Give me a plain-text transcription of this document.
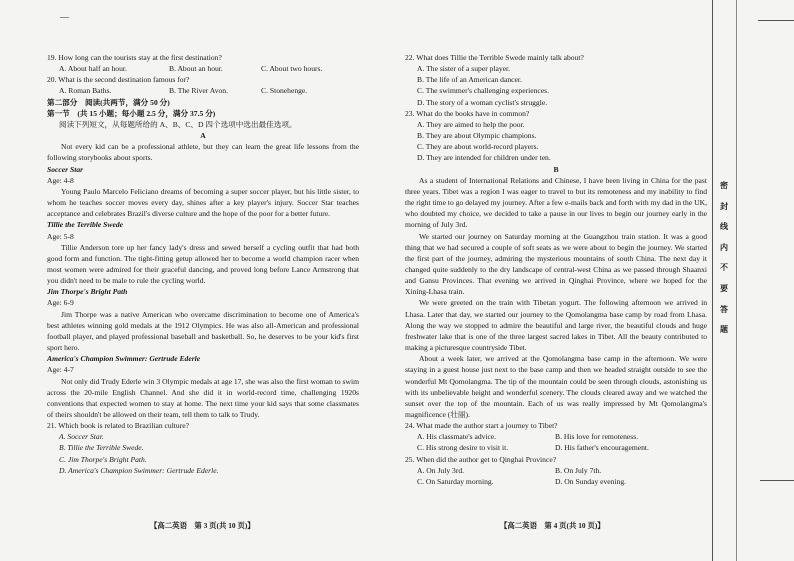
—
19. How long can the tourists stay at the first destination?
A. About half an hour.	B. About an hour.	C. About two hours.
20. What is the second destination famous for?
A. Roman Baths.	B. The River Avon.	C. Stonehenge.
第二部分　阅读(共两节，满分 50 分)
第一节　(共 15 小题；每小题 2.5 分，满分 37.5 分)
阅读下列短文，从每题所给的 A、B、C、D 四个选项中选出最佳选项。
A
Not every kid can be a professional athlete, but they can learn the great life lessons from the following storybooks about sports.
Soccer Star
Age: 4-8
Young Paulo Marcelo Feliciano dreams of becoming a super soccer player, but his little sister, to whom he teaches soccer moves every day, shines after a key player's injury. Soccer Star teaches acceptance and celebrates Brazil's diverse culture and the hope of the poor for a better future.
Tillie the Terrible Swede
Age: 5-8
Tillie Anderson tore up her fancy lady's dress and sewed herself a cycling outfit that had both good form and function. The tight-fitting getup allowed her to become a world champion racer when most women were admired for their graceful dancing, and proved long before Lance Armstrong that you didn't need to be male to rule the cycling world.
Jim Thorpe's Bright Path
Age: 6-9
Jim Thorpe was a native American who overcame discrimination to become one of America's best athletes winning gold medals at the 1912 Olympics. He was also all-American and professional football player, and played professional baseball and basketball. So, he deserves to be your kid's first sport hero.
America's Champion Swimmer: Gertrude Ederle
Age: 4-7
Not only did Trudy Ederle win 3 Olympic medals at age 17, she was also the first woman to swim across the 20-mile English Channel. And she did it in world-record time, challenging 1920s conventions that expected women to stay at home. The next time your kid says that some classmates of theirs shouldn't be allowed on their team, tell them to talk to Trudy.
21. Which book is related to Brazilian culture?
A. Soccer Star.
B. Tillie the Terrible Swede.
C. Jim Thorpe's Bright Path.
D. America's Champion Swimmer: Gertrude Ederle.
22. What does Tillie the Terrible Swede mainly talk about?
A. The sister of a super player.
B. The life of an American dancer.
C. The swimmer's challenging experiences.
D. The story of a woman cyclist's struggle.
23. What do the books have in common?
A. They are aimed to help the poor.
B. They are about Olympic champions.
C. They are about world-record players.
D. They are intended for children under ten.
B
As a student of International Relations and Chinese, I have been living in China for the past three years. Tibet was a region I was eager to travel to but its remoteness and my inability to find the right time to go delayed my journey. After a few e-mails back and forth with my dad in the UK, who doubted my choice, we decided to take a pause in our lives to begin our journey early in the morning of July 3rd.
We started our journey on Saturday morning at the Guangzhou train station. It was a good thing that we had secured a couple of soft seats as we were about to begin the journey. We started the first part of the journey, admiring the mysterious mountains of south China. The next day it changed quite suddenly to the dry landscape of central-west China as we passed through Shaanxi and Gansu Provinces. That evening we arrived in Qinghai Province, where we hoped for the Xining-Lhasa train.
We were greeted on the train with Tibetan yogurt. The following afternoon we arrived in Lhasa. Later that day, we started our journey to the Qomolangma base camp by road from Lhasa. Along the way we stopped to admire the beautiful and large river, the beautiful clouds and huge freshwater lake that is one of the three largest sacred lakes in Tibet. All the beauty contributed to making a picturesque countryside Tibet.
About a week later, we arrived at the Qomolangma base camp in the afternoon. We were staying in a guest house just next to the base camp and then we headed straight outside to see the wonderful Mt Qomolangma. The tip of the mountain could be seen through clouds, astonishing us with its unbelievable height and wonderful scenery. The clouds cleared away and we watched the sunset over the top of the mountain. Each of us was really impressed by Mt Qomolangma's magnificence (壮丽).
24. What made the author start a journey to Tibet?
A. His classmate's advice.	B. His love for remoteness.
C. His strong desire to visit it.	D. His father's encouragement.
25. When did the author get to Qinghai Province?
A. On July 3rd.	B. On July 7th.
C. On Saturday morning.	D. On Sunday evening.
【高二英语　第 3 页(共 10 页)】	【高二英语　第 4 页(共 10 页)】
密
封
线
内
不
要
答
题
